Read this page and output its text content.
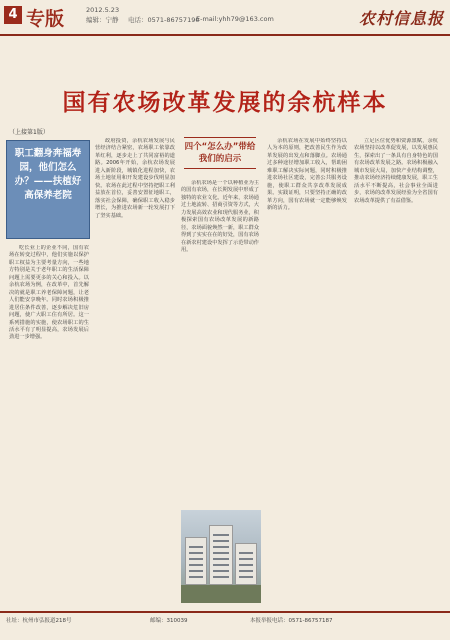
4 专版	2012.5.23
编辑：宁静 电话：0571-86757190
E-mail:yhh79@163.com	农村信息报
国有农场改革发展的余杭样本
（上接第1版）
职工翻身奔福寿园，他们怎么办？——扶植好高保养老院

吃长业上的企业不同，国有农场在转变过程中，他们实施以保护职工权益为主要考量方向，一些地方特别是关于老年职工的生活保障问题上需要更多的关心和投入。以余杭农场为例，在改革中，首先解决的就是职工养老保障问题，让老人们能安享晚年。同时农场积极推进居住条件改善，逐步解决危旧房问题，使广大职工住有所居。这一系列措施的实施，使农场职工的生活水平有了明显提高，农场发展后劲进一步增强。

政府投资，余杭农场发展与民营经济结合紧密，农场职工依靠改革红利，逐步走上了共同富裕的道路。2006年开始，余杭农场发展进入新阶段，城镇化进程加快，农场土地征用和开发建设步伐明显加快。农场在此过程中坚持把职工利益放在首位，妥善安置征地职工，落实社会保障，确保职工收入稳步增长，为推进农场新一轮发展打下了坚实基础。

四个“怎么办”带给我们的启示

余杭农场是一个以种植业为主的国有农场，在长期发展中形成了独特的农业文化。近年来，农场通过土地流转、招商引资等方式，大力发展高效农业和现代服务业，积极探索国有农场改革发展的新路径，农场面貌焕然一新，职工群众得到了实实在在的好处，国有农场在新农村建设中发挥了示范带动作用。

余杭农场在发展中始终坚持以人为本的原则，把改善民生作为改革发展的出发点和落脚点。农场通过多种途径增加职工收入，帮助困难职工解决实际问题，同时积极推进农场社区建设，完善公共服务设施，使职工群众共享改革发展成果。实践证明，只要坚持正确的改革方向，国有农场就一定能够焕发新的活力。

立足区位优势和资源禀赋，余杭农场坚持以改革促发展，以发展惠民生，探索出了一条具有自身特色的国有农场改革发展之路。农场积极融入城市发展大局，加快产业结构调整，推动农场经济持续健康发展，职工生活水平不断提高，社会事业全面进步，农场的改革发展经验为全省国有农场改革提供了有益借鉴。

社址：杭州市弘报道218号	邮编：310039	本报举报电话：0571-86757187
